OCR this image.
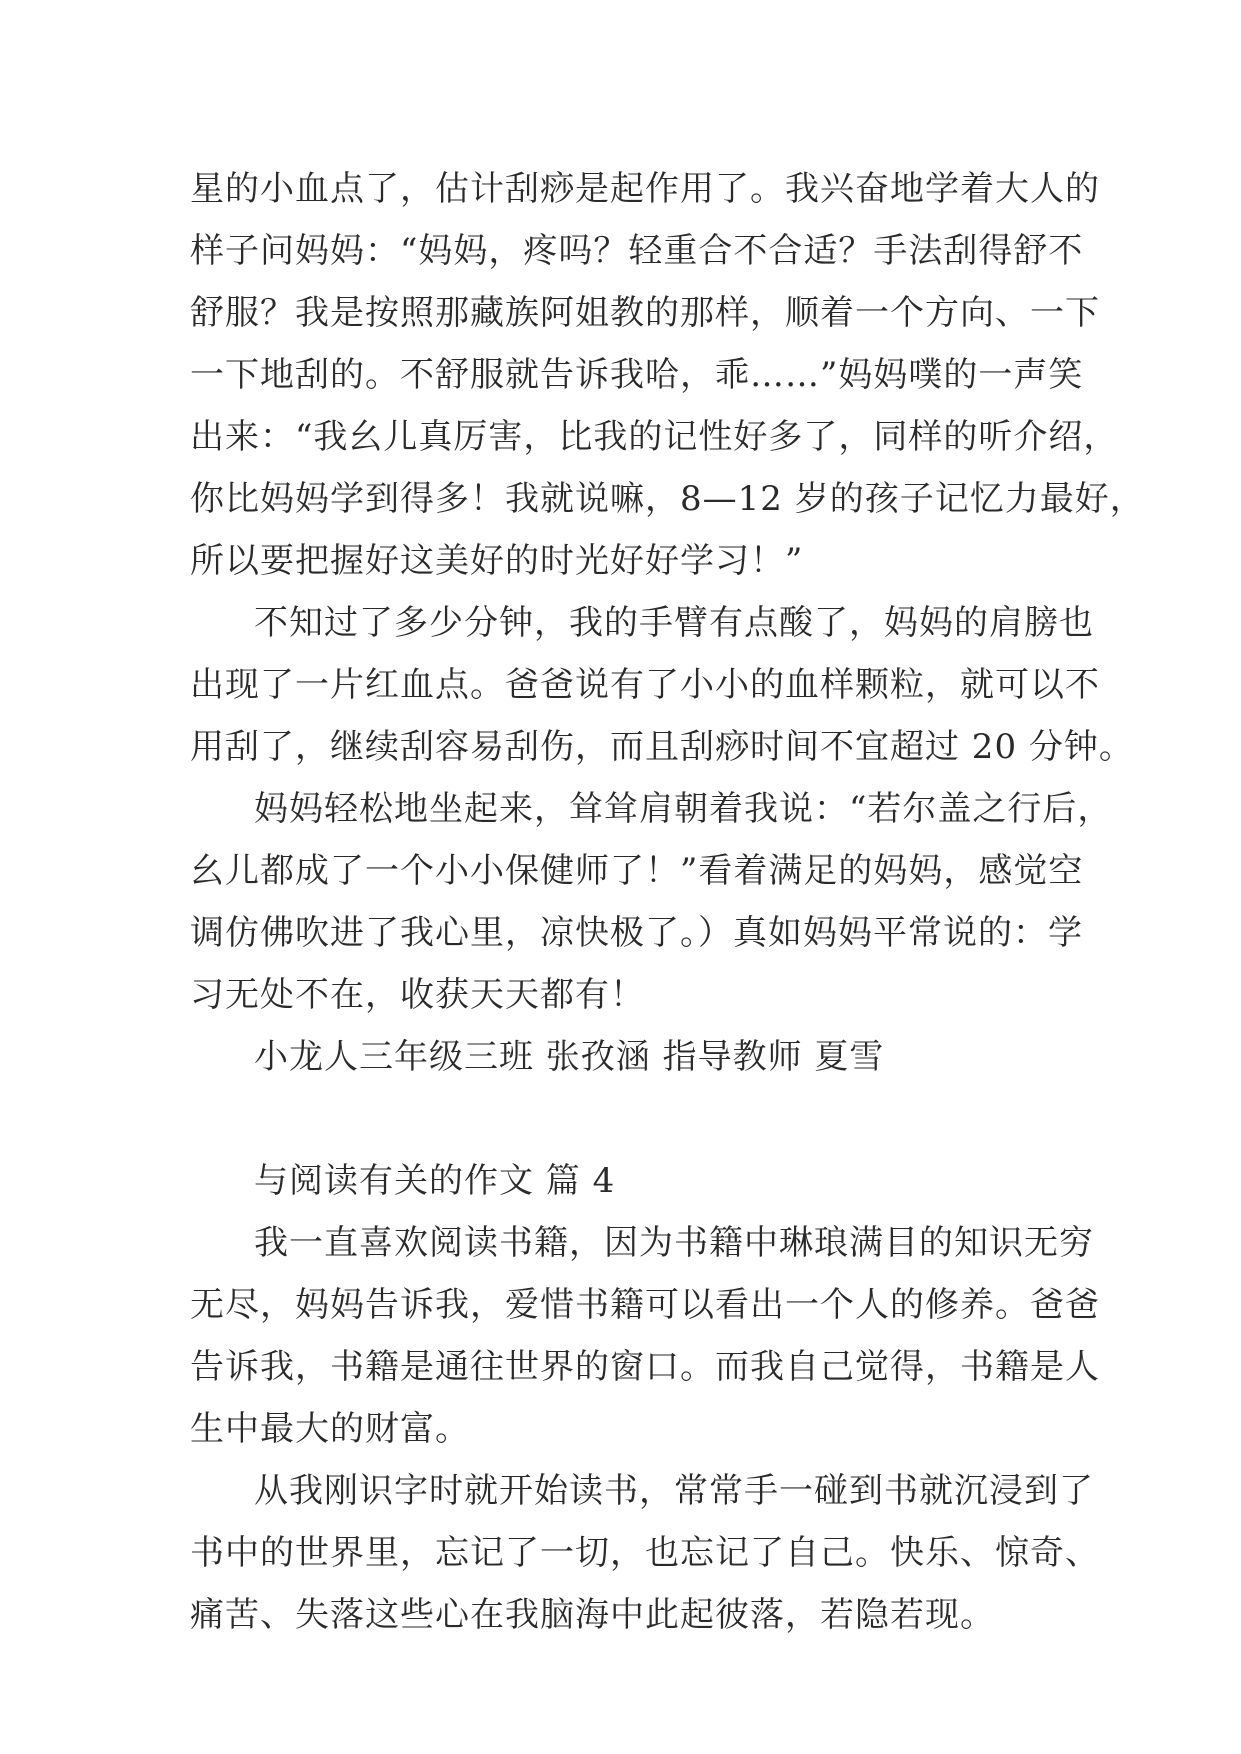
星的小血点了，估计刮痧是起作用了。我兴奋地学着大人的
样子问妈妈：“妈妈，疼吗？轻重合不合适？手法刮得舒不
舒服？我是按照那藏族阿姐教的那样，顺着一个方向、一下
一下地刮的。不舒服就告诉我哈，乖……”妈妈噗的一声笑
出来：“我幺儿真厉害，比我的记性好多了，同样的听介绍，
你比妈妈学到得多！我就说嘛，8—12 岁的孩子记忆力最好，
所以要把握好这美好的时光好好学习！”
不知过了多少分钟，我的手臂有点酸了，妈妈的肩膀也
出现了一片红血点。爸爸说有了小小的血样颗粒，就可以不
用刮了，继续刮容易刮伤，而且刮痧时间不宜超过 20 分钟。
妈妈轻松地坐起来，耸耸肩朝着我说：“若尔盖之行后，
幺儿都成了一个小小保健师了！”看着满足的妈妈，感觉空
调仿佛吹进了我心里，凉快极了。）真如妈妈平常说的：学
习无处不在，收获天天都有！
小龙人三年级三班 张孜涵 指导教师 夏雪
与阅读有关的作文 篇 4
我一直喜欢阅读书籍，因为书籍中琳琅满目的知识无穷
无尽，妈妈告诉我，爱惜书籍可以看出一个人的修养。爸爸
告诉我，书籍是通往世界的窗口。而我自己觉得，书籍是人
生中最大的财富。
从我刚识字时就开始读书，常常手一碰到书就沉浸到了
书中的世界里，忘记了一切，也忘记了自己。快乐、惊奇、
痛苦、失落这些心在我脑海中此起彼落，若隐若现。
